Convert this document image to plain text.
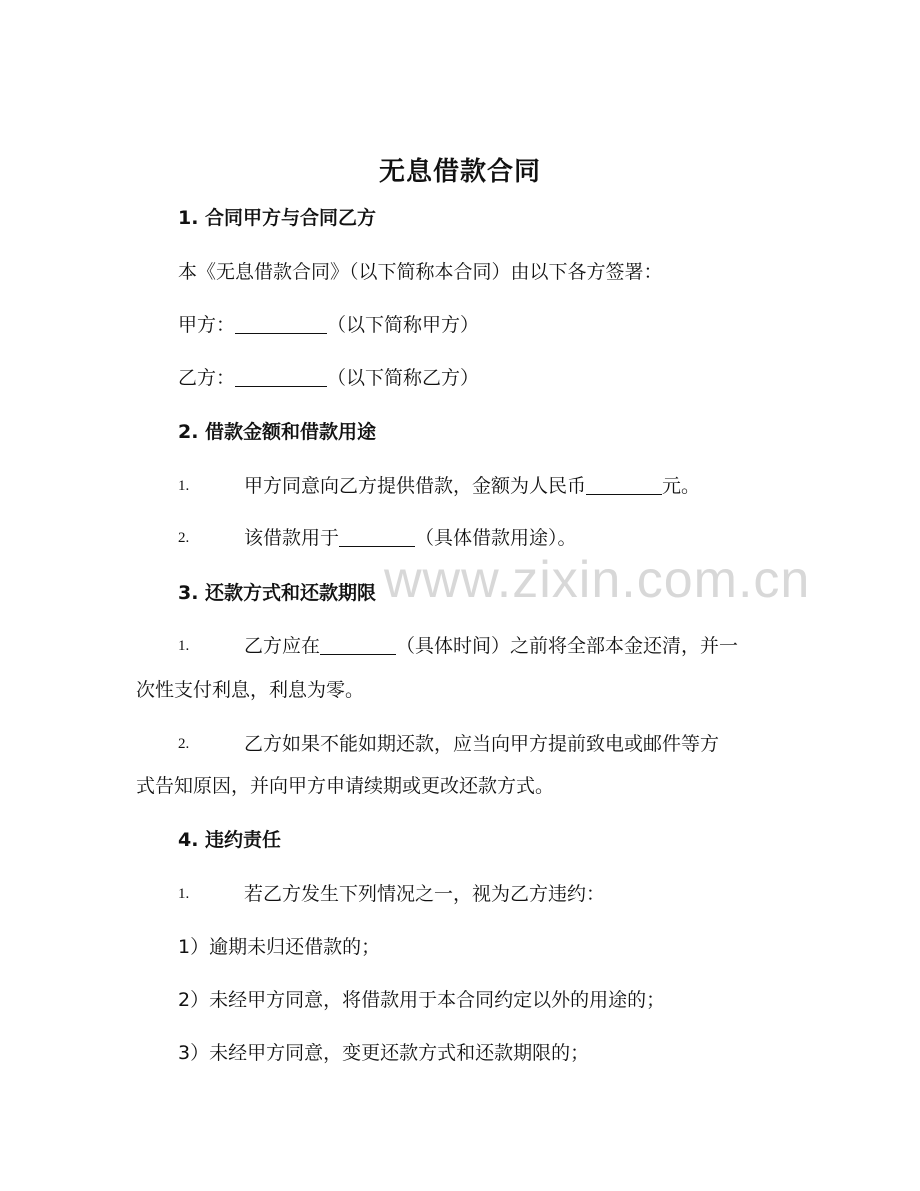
www.zixin.com.cn
无息借款合同
1. 合同甲方与合同乙方
本《无息借款合同》（以下简称本合同）由以下各方签署：
甲方：	（以下简称甲方）
乙方：	（以下简称乙方）
2. 借款金额和借款用途
1.	甲方同意向乙方提供借款，金额为人民币	元。
2.	该借款用于	（具体借款用途）。
3. 还款方式和还款期限
1.	乙方应在	（具体时间）之前将全部本金还清，并一
次性支付利息，利息为零。
2.	乙方如果不能如期还款，应当向甲方提前致电或邮件等方
式告知原因，并向甲方申请续期或更改还款方式。
4. 违约责任
1.	若乙方发生下列情况之一，视为乙方违约：
1）逾期未归还借款的；
2）未经甲方同意，将借款用于本合同约定以外的用途的；
3）未经甲方同意，变更还款方式和还款期限的；
